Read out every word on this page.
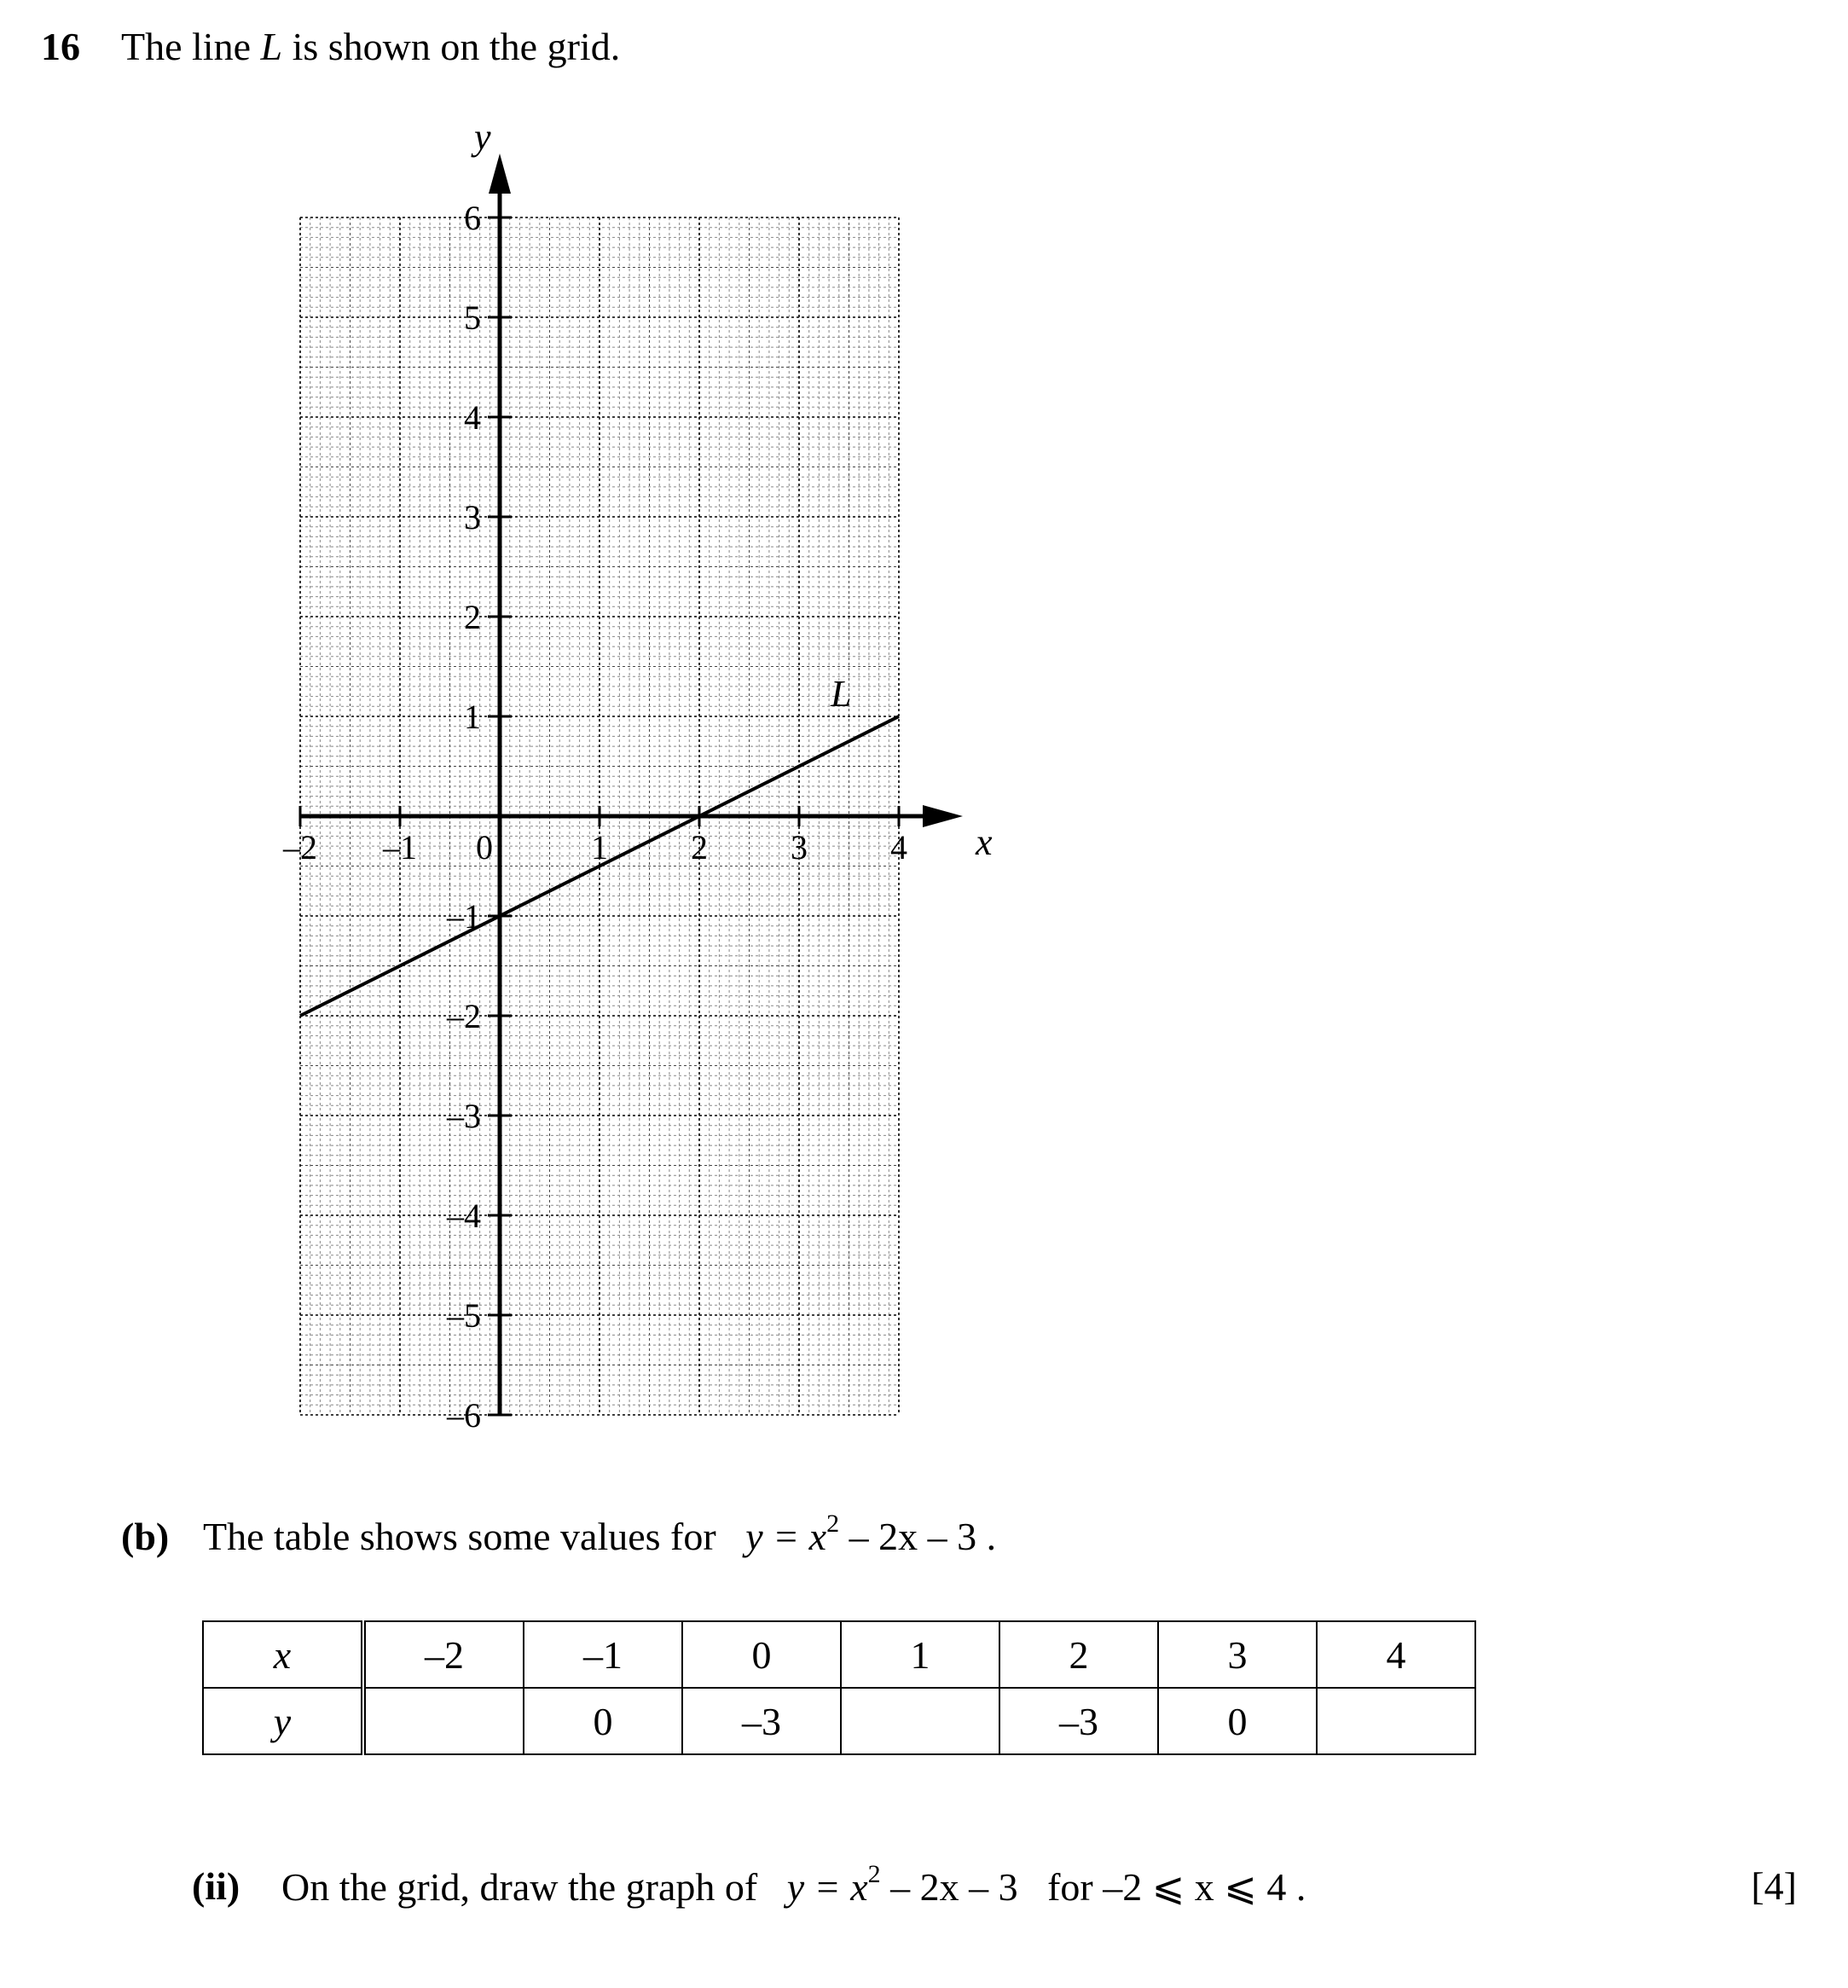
16 The line L is shown on the grid.
–2 –1 0	1 2 3 4
–6
–5
–4
–3
–2
–1
1
2
3
4
5
6
x
y
L
(b) The table shows some values for $y = x^2 - 2x - 3$ .
x	–2	–1	0	1	2	3	4
y		0	–3		–3	0	
(ii) On the grid, draw the graph of $y = x^2 - 2x - 3$ for –2 ⩽ x ⩽ 4 .	[4]
